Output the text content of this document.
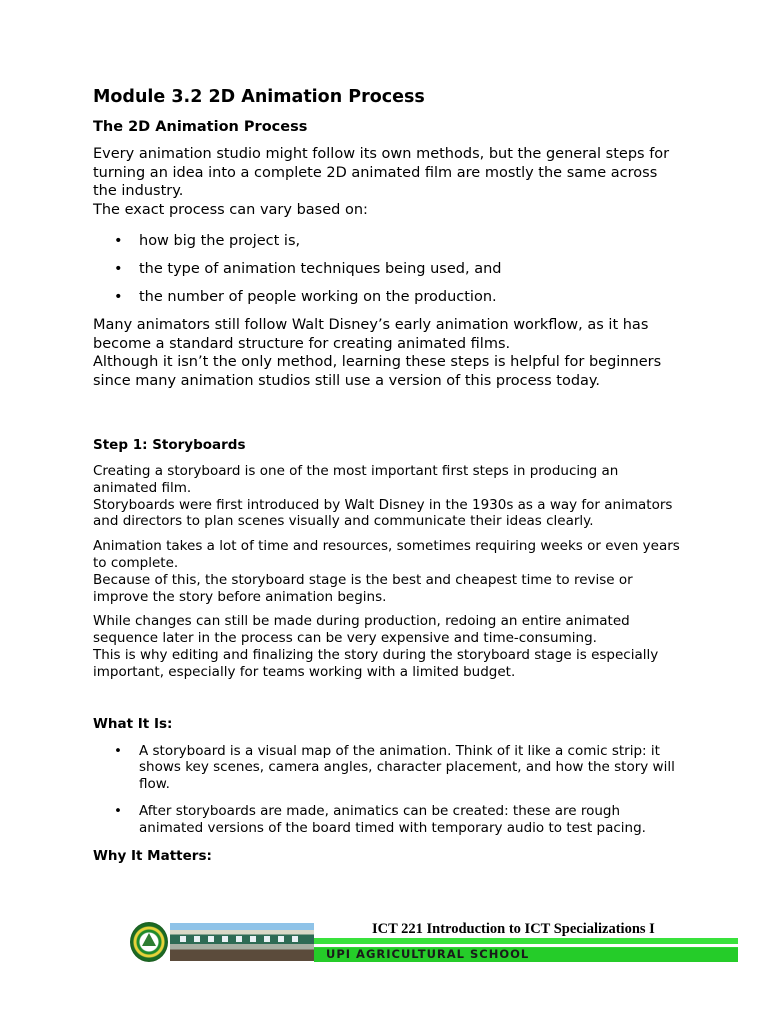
Module 3.2 2D Animation Process
The 2D Animation Process

Every animation studio might follow its own methods, but the general steps for turning an idea into a complete 2D animated film are mostly the same across the industry.

The exact process can vary based on:

• how big the project is,
• the type of animation techniques being used, and
• the number of people working on the production.

Many animators still follow Walt Disney’s early animation workflow, as it has become a standard structure for creating animated films.

Although it isn’t the only method, learning these steps is helpful for beginners since many animation studios still use a version of this process today.

Step 1: Storyboards

Creating a storyboard is one of the most important first steps in producing an animated film.

Storyboards were first introduced by Walt Disney in the 1930s as a way for animators and directors to plan scenes visually and communicate their ideas clearly.

Animation takes a lot of time and resources, sometimes requiring weeks or even years to complete.

Because of this, the storyboard stage is the best and cheapest time to revise or improve the story before animation begins.

While changes can still be made during production, redoing an entire animated sequence later in the process can be very expensive and time-consuming.

This is why editing and finalizing the story during the storyboard stage is especially important, especially for teams working with a limited budget.

What It Is:
• A storyboard is a visual map of the animation. Think of it like a comic strip: it shows key scenes, camera angles, character placement, and how the story will flow.
• After storyboards are made, animatics can be created: these are rough animated versions of the board timed with temporary audio to test pacing.
Why It Matters:
UPI AGRICULTURAL SCHOOL
ICT 221 Introduction to ICT Specializations I
